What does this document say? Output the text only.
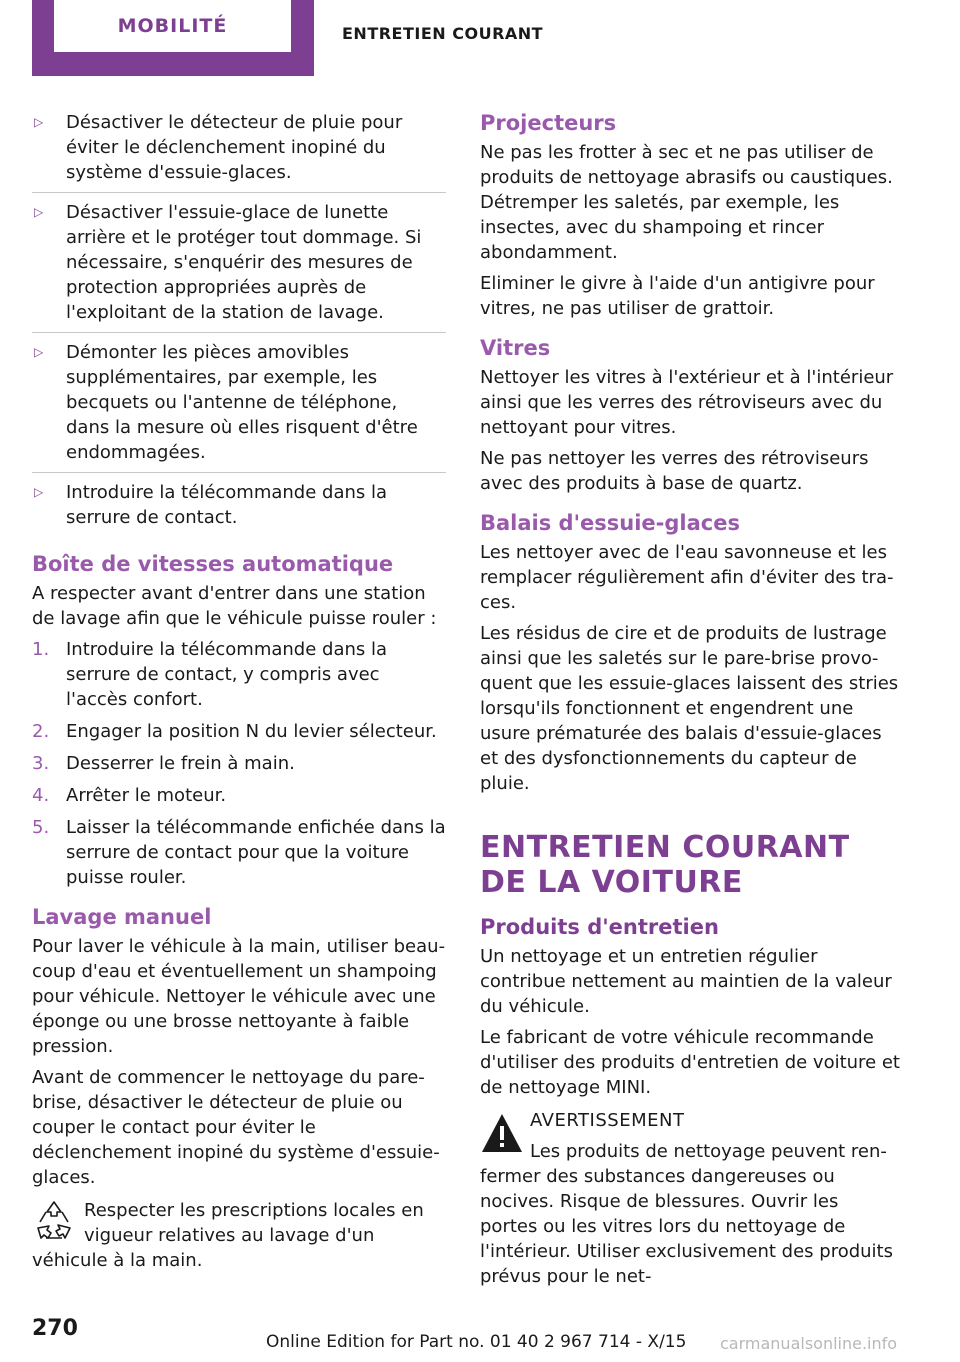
MOBILITÉ	ENTRETIEN COURANT
▷ Désactiver le détecteur de pluie pour éviter le déclenchement inopiné du système d'essuie-glaces.
▷ Désactiver l'essuie-glace de lunette arrière et le protéger tout dommage. Si nécessaire, s'enquérir des mesures de protection appropriées auprès de l'exploitant de la station de lavage.
▷ Démonter les pièces amovibles supplémentaires, par exemple, les becquets ou l'antenne de téléphone, dans la mesure où elles risquent d'être endommagées.
▷ Introduire la télécommande dans la serrure de contact.
Boîte de vitesses automatique

A respecter avant d'entrer dans une station de lavage afin que le véhicule puisse rouler :

1. Introduire la télécommande dans la serrure de contact, y compris avec l'accès confort.
2. Engager la position N du levier sélecteur.
3. Desserrer le frein à main.
4. Arrêter le moteur.
5. Laisser la télécommande enfichée dans la serrure de contact pour que la voiture puisse rouler.
Lavage manuel

Pour laver le véhicule à la main, utiliser beaucoup d'eau et éventuellement un shampoing pour véhicule. Nettoyer le véhicule avec une éponge ou une brosse nettoyante à faible pression.

Avant de commencer le nettoyage du pare-brise, désactiver le détecteur de pluie ou couper le contact pour éviter le déclenchement inopiné du système d'essuie-glaces.

Respecter les prescriptions locales en vigueur relatives au lavage d'un véhicule à la main.

Projecteurs

Ne pas les frotter à sec et ne pas utiliser de produits de nettoyage abrasifs ou caustiques. Détremper les saletés, par exemple, les insectes, avec du shampoing et rincer abondamment.

Eliminer le givre à l'aide d'un antigivre pour vitres, ne pas utiliser de grattoir.

Vitres

Nettoyer les vitres à l'extérieur et à l'intérieur ainsi que les verres des rétroviseurs avec du nettoyant pour vitres.

Ne pas nettoyer les verres des rétroviseurs avec des produits à base de quartz.

Balais d'essuie-glaces

Les nettoyer avec de l'eau savonneuse et les remplacer régulièrement afin d'éviter des traces.

Les résidus de cire et de produits de lustrage ainsi que les saletés sur le pare-brise provoquent que les essuie-glaces laissent des stries lorsqu'ils fonctionnent et engendrent une usure prématurée des balais d'essuie-glaces et des dysfonctionnements du capteur de pluie.

ENTRETIEN COURANT DE LA VOITURE
Produits d'entretien

Un nettoyage et un entretien régulier contribue nettement au maintien de la valeur du véhicule.

Le fabricant de votre véhicule recommande d'utiliser des produits d'entretien de voiture et de nettoyage MINI.

AVERTISSEMENT

Les produits de nettoyage peuvent renfermer des substances dangereuses ou nocives. Risque de blessures. Ouvrir les portes ou les vitres lors du nettoyage de l'intérieur. Utiliser exclusivement des produits prévus pour le net-

270
Online Edition for Part no. 01 40 2 967 714 - X/15 carmanualsonline.info
